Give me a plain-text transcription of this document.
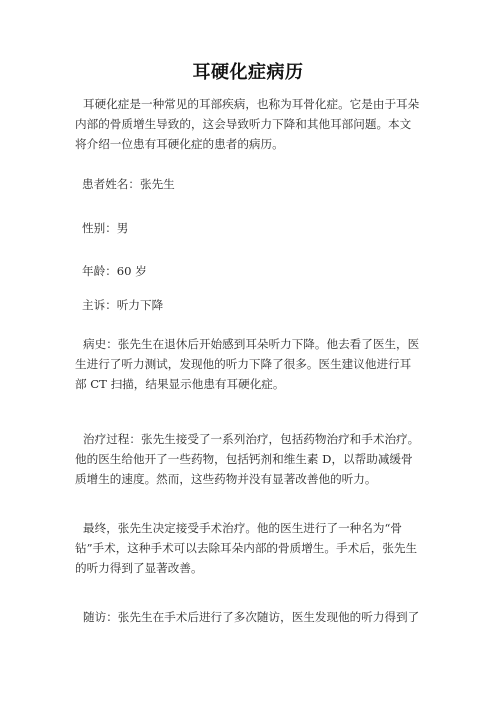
耳硬化症病历
耳硬化症是一种常见的耳部疾病，也称为耳骨化症。它是由于耳朵内部的骨质增生导致的，这会导致听力下降和其他耳部问题。本文将介绍一位患有耳硬化症的患者的病历。
患者姓名：张先生
性别：男
年龄：60 岁
主诉：听力下降
病史：张先生在退休后开始感到耳朵听力下降。他去看了医生，医生进行了听力测试，发现他的听力下降了很多。医生建议他进行耳部 CT 扫描，结果显示他患有耳硬化症。
治疗过程：张先生接受了一系列治疗，包括药物治疗和手术治疗。他的医生给他开了一些药物，包括钙剂和维生素 D，以帮助减缓骨质增生的速度。然而，这些药物并没有显著改善他的听力。
最终，张先生决定接受手术治疗。他的医生进行了一种名为“骨钻”手术，这种手术可以去除耳朵内部的骨质增生。手术后，张先生的听力得到了显著改善。
随访：张先生在手术后进行了多次随访，医生发现他的听力得到了
